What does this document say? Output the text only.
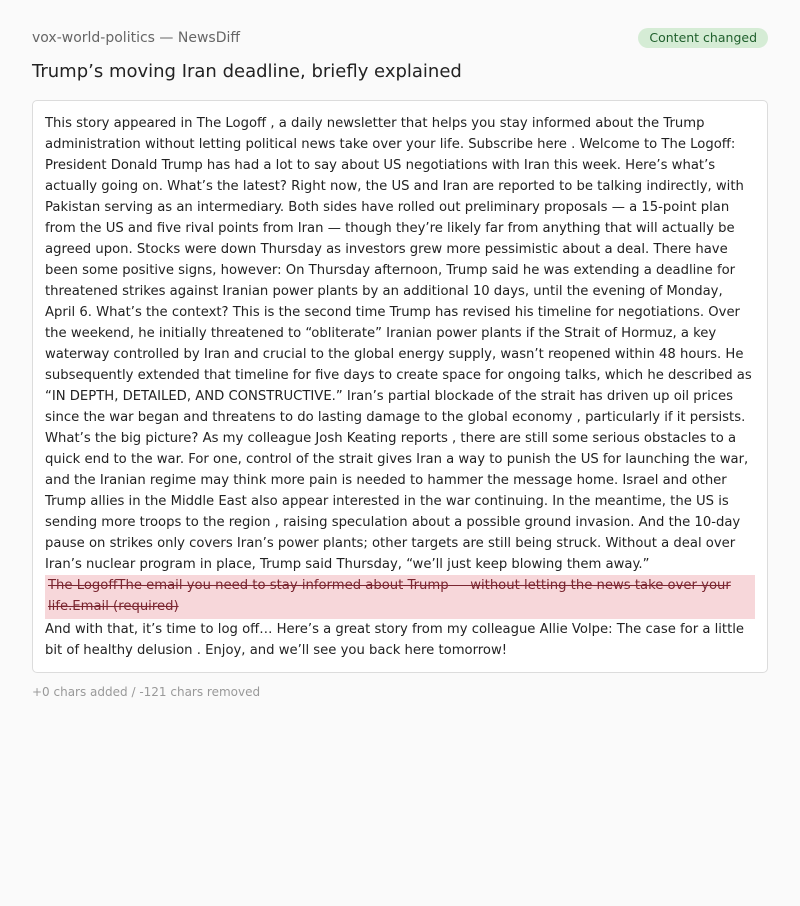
vox-world-politics — NewsDiff	Content changed
Trump’s moving Iran deadline, briefly explained

This story appeared in The Logoff , a daily newsletter that helps you stay informed about the Trump administration without letting political news take over your life. Subscribe here . Welcome to The Logoff: President Donald Trump has had a lot to say about US negotiations with Iran this week. Here’s what’s actually going on. What’s the latest? Right now, the US and Iran are reported to be talking indirectly, with Pakistan serving as an intermediary. Both sides have rolled out preliminary proposals — a 15-point plan from the US and five rival points from Iran — though they’re likely far from anything that will actually be agreed upon. Stocks were down Thursday as investors grew more pessimistic about a deal. There have been some positive signs, however: On Thursday afternoon, Trump said he was extending a deadline for threatened strikes against Iranian power plants by an additional 10 days, until the evening of Monday, April 6. What’s the context? This is the second time Trump has revised his timeline for negotiations. Over the weekend, he initially threatened to “obliterate” Iranian power plants if the Strait of Hormuz, a key waterway controlled by Iran and crucial to the global energy supply, wasn’t reopened within 48 hours. He subsequently extended that timeline for five days to create space for ongoing talks, which he described as “IN DEPTH, DETAILED, AND CONSTRUCTIVE.” Iran’s partial blockade of the strait has driven up oil prices since the war began and threatens to do lasting damage to the global economy , particularly if it persists. What’s the big picture? As my colleague Josh Keating reports , there are still some serious obstacles to a quick end to the war. For one, control of the strait gives Iran a way to punish the US for launching the war, and the Iranian regime may think more pain is needed to hammer the message home. Israel and other Trump allies in the Middle East also appear interested in the war continuing. In the meantime, the US is sending more troops to the region , raising speculation about a possible ground invasion. And the 10-day pause on strikes only covers Iran’s power plants; other targets are still being struck. Without a deal over Iran’s nuclear program in place, Trump said Thursday, “we’ll just keep blowing them away.”

The LogoffThe email you need to stay informed about Trump — without letting the news take over your life.Email (required)

And with that, it’s time to log off… Here’s a great story from my colleague Allie Volpe: The case for a little bit of healthy delusion . Enjoy, and we’ll see you back here tomorrow!

+0 chars added / -121 chars removed
